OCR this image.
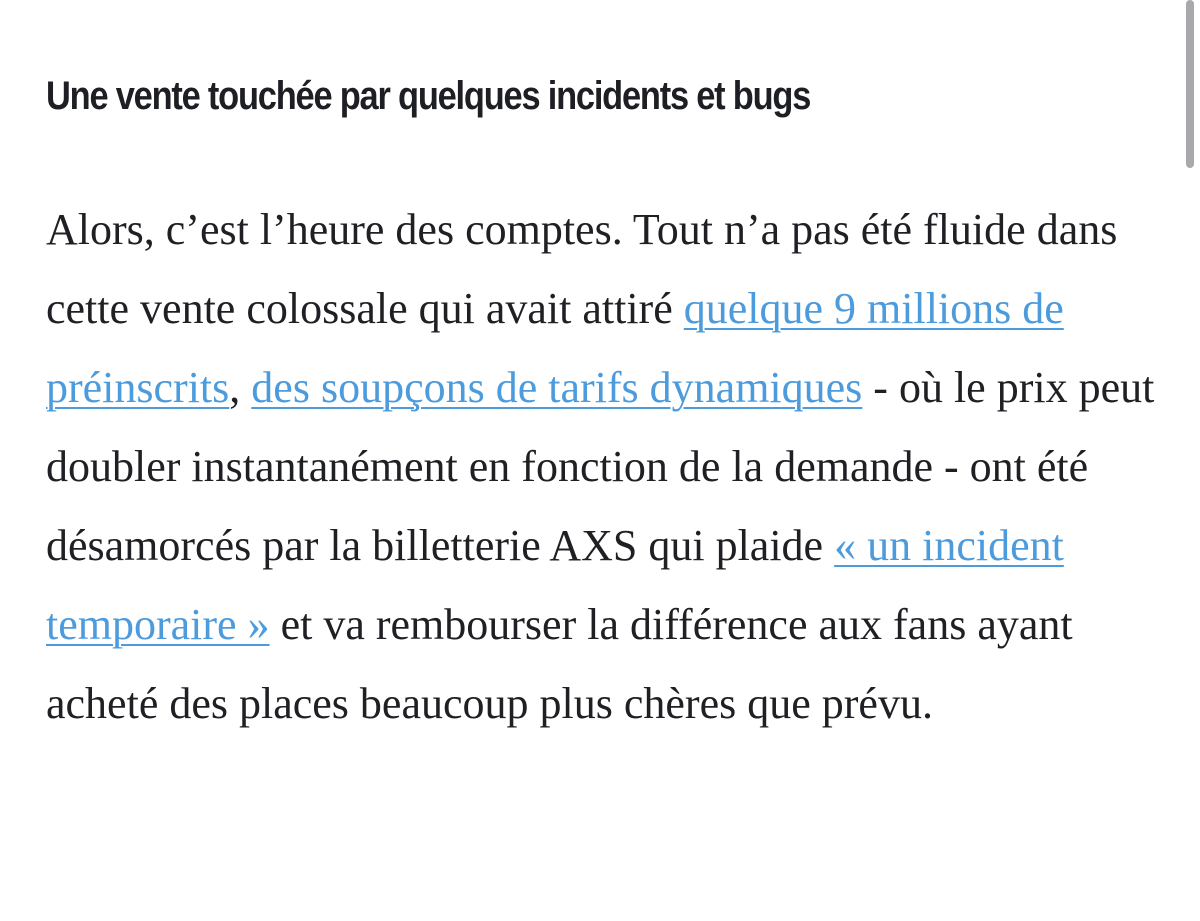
Une vente touchée par quelques incidents et bugs

Alors, c’est l’heure des comptes. Tout n’a pas été fluide dans cette vente colossale qui avait attiré quelque 9 millions de préinscrits, des soupçons de tarifs dynamiques - où le prix peut doubler instantanément en fonction de la demande - ont été désamorcés par la billetterie AXS qui plaide « un incident temporaire » et va rembourser la différence aux fans ayant acheté des places beaucoup plus chères que prévu.
